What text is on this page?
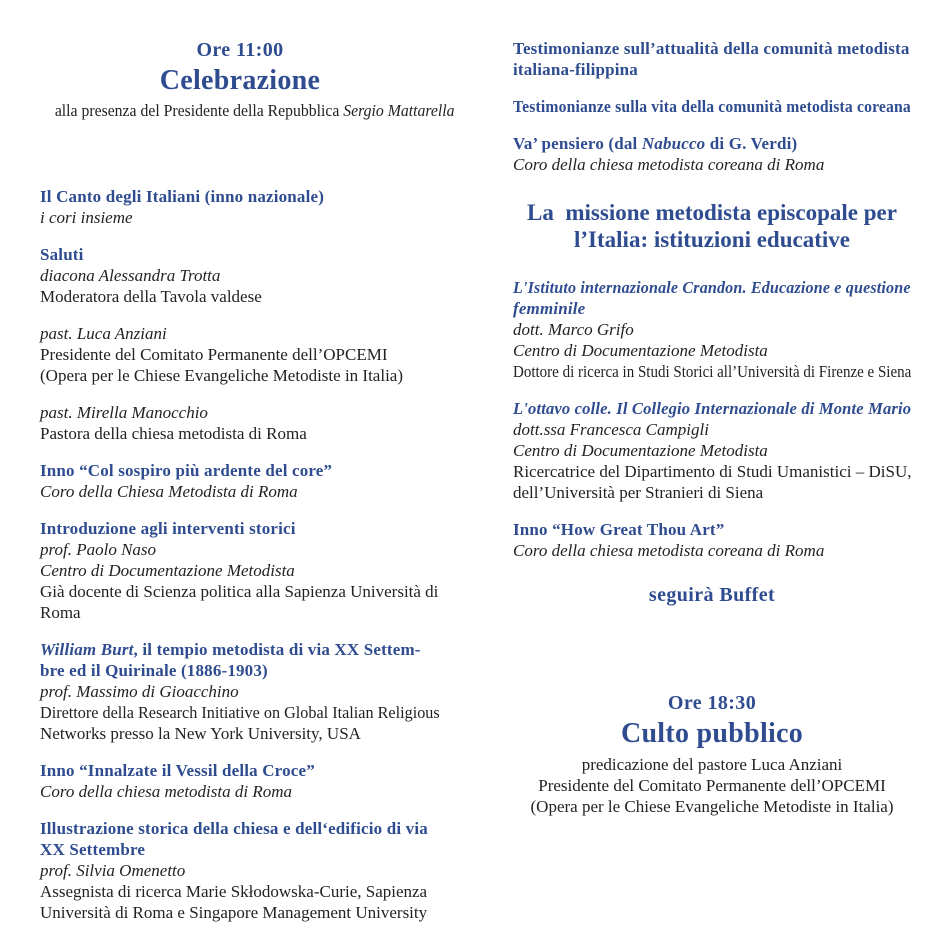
Ore 11:00
Celebrazione
alla presenza del Presidente della Repubblica Sergio Mattarella
Il Canto degli Italiani (inno nazionale)
i cori insieme
Saluti
diacona Alessandra Trotta
Moderatora della Tavola valdese
past. Luca Anziani
Presidente del Comitato Permanente dell’OPCEMI
(Opera per le Chiese Evangeliche Metodiste in Italia)
past. Mirella Manocchio
Pastora della chiesa metodista di Roma
Inno “Col sospiro più ardente del core”
Coro della Chiesa Metodista di Roma
Introduzione agli interventi storici
prof. Paolo Naso
Centro di Documentazione Metodista
Già docente di Scienza politica alla Sapienza Università di
Roma
William Burt, il tempio metodista di via XX Settem-
bre ed il Quirinale (1886-1903)
prof. Massimo di Gioacchino
Direttore della Research Initiative on Global Italian Religious
Networks presso la New York University, USA
Inno “Innalzate il Vessil della Croce”
Coro della chiesa metodista di Roma
Illustrazione storica della chiesa e dell‘edificio di via
XX Settembre
prof. Silvia Omenetto
Assegnista di ricerca Marie Skłodowska-Curie, Sapienza
Università di Roma e Singapore Management University
Testimonianze sull’attualità della comunità metodista
italiana-filippina
Testimonianze sulla vita della comunità metodista coreana
Va’ pensiero (dal Nabucco di G. Verdi)
Coro della chiesa metodista coreana di Roma
La  missione metodista episcopale per
l’Italia: istituzioni educative
L'Istituto internazionale Crandon. Educazione e questione
femminile
dott. Marco Grifo
Centro di Documentazione Metodista
Dottore di ricerca in Studi Storici all’Università di Firenze e Siena
L'ottavo colle. Il Collegio Internazionale di Monte Mario
dott.ssa Francesca Campigli
Centro di Documentazione Metodista
Ricercatrice del Dipartimento di Studi Umanistici – DiSU,
dell’Università per Stranieri di Siena
Inno “How Great Thou Art”
Coro della chiesa metodista coreana di Roma
seguirà Buffet
Ore 18:30
Culto pubblico
predicazione del pastore Luca Anziani
Presidente del Comitato Permanente dell’OPCEMI
(Opera per le Chiese Evangeliche Metodiste in Italia)
